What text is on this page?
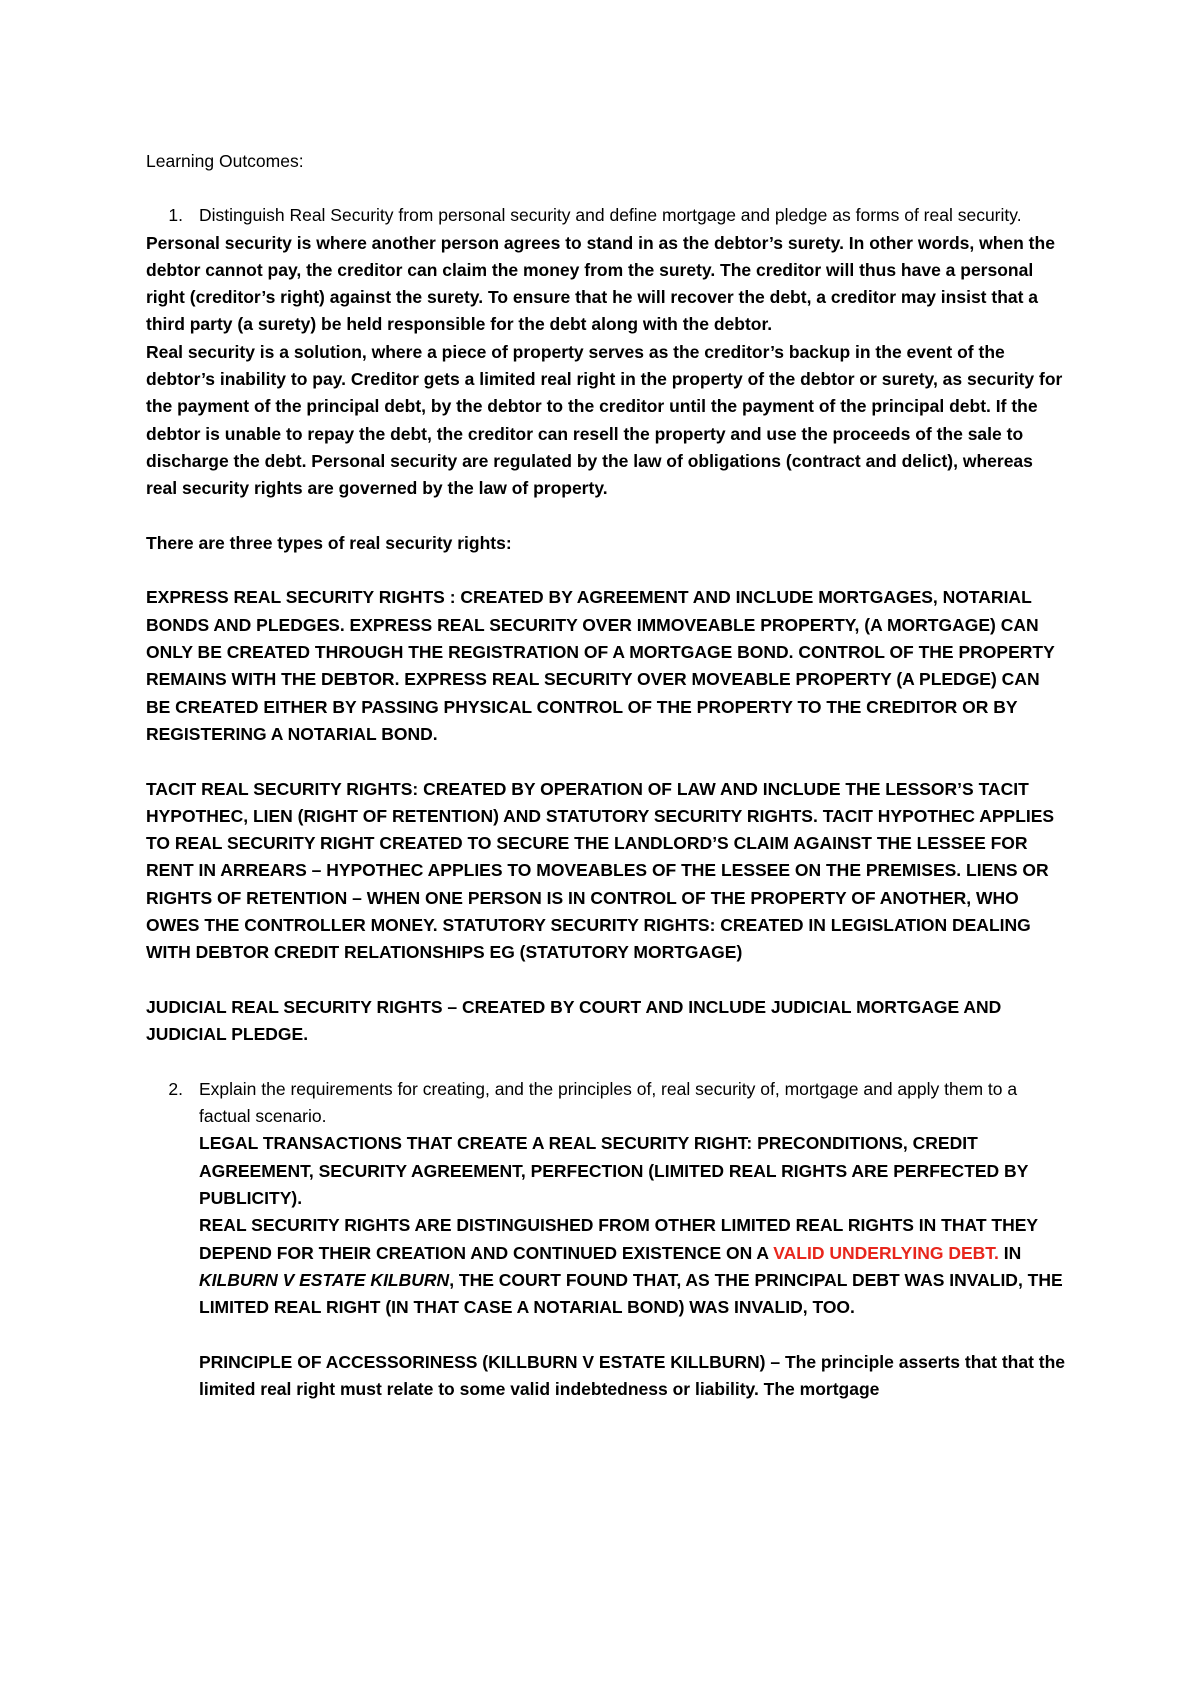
Learning Outcomes:

1. Distinguish Real Security from personal security and define mortgage and pledge as forms of real security.

Personal security is where another person agrees to stand in as the debtor’s surety. In other words, when the debtor cannot pay, the creditor can claim the money from the surety. The creditor will thus have a personal right (creditor’s right) against the surety. To ensure that he will recover the debt, a creditor may insist that a third party (a surety) be held responsible for the debt along with the debtor.

Real security is a solution, where a piece of property serves as the creditor’s backup in the event of the debtor’s inability to pay. Creditor gets a limited real right in the property of the debtor or surety, as security for the payment of the principal debt, by the debtor to the creditor until the payment of the principal debt. If the debtor is unable to repay the debt, the creditor can resell the property and use the proceeds of the sale to discharge the debt. Personal security are regulated by the law of obligations (contract and delict), whereas real security rights are governed by the law of property.

There are three types of real security rights:

EXPRESS REAL SECURITY RIGHTS : CREATED BY AGREEMENT AND INCLUDE MORTGAGES, NOTARIAL BONDS AND PLEDGES. EXPRESS REAL SECURITY OVER IMMOVEABLE PROPERTY, (A MORTGAGE) CAN ONLY BE CREATED THROUGH THE REGISTRATION OF A MORTGAGE BOND. CONTROL OF THE PROPERTY REMAINS WITH THE DEBTOR. EXPRESS REAL SECURITY OVER MOVEABLE PROPERTY (A PLEDGE) CAN BE CREATED EITHER BY PASSING PHYSICAL CONTROL OF THE PROPERTY TO THE CREDITOR OR BY REGISTERING A NOTARIAL BOND.

TACIT REAL SECURITY RIGHTS: CREATED BY OPERATION OF LAW AND INCLUDE THE LESSOR’S TACIT HYPOTHEC, LIEN (RIGHT OF RETENTION) AND STATUTORY SECURITY RIGHTS. TACIT HYPOTHEC APPLIES TO REAL SECURITY RIGHT CREATED TO SECURE THE LANDLORD’S CLAIM AGAINST THE LESSEE FOR RENT IN ARREARS – HYPOTHEC APPLIES TO MOVEABLES OF THE LESSEE ON THE PREMISES. LIENS OR RIGHTS OF RETENTION – WHEN ONE PERSON IS IN CONTROL OF THE PROPERTY OF ANOTHER, WHO OWES THE CONTROLLER MONEY. STATUTORY SECURITY RIGHTS: CREATED IN LEGISLATION DEALING WITH DEBTOR CREDIT RELATIONSHIPS EG (STATUTORY MORTGAGE)

JUDICIAL REAL SECURITY RIGHTS – CREATED BY COURT AND INCLUDE JUDICIAL MORTGAGE AND JUDICIAL PLEDGE.

2. Explain the requirements for creating, and the principles of, real security of, mortgage and apply them to a factual scenario.

LEGAL TRANSACTIONS THAT CREATE A REAL SECURITY RIGHT: PRECONDITIONS, CREDIT AGREEMENT, SECURITY AGREEMENT, PERFECTION (LIMITED REAL RIGHTS ARE PERFECTED BY PUBLICITY).

REAL SECURITY RIGHTS ARE DISTINGUISHED FROM OTHER LIMITED REAL RIGHTS IN THAT THEY DEPEND FOR THEIR CREATION AND CONTINUED EXISTENCE ON A VALID UNDERLYING DEBT. IN KILBURN V ESTATE KILBURN, THE COURT FOUND THAT, AS THE PRINCIPAL DEBT WAS INVALID, THE LIMITED REAL RIGHT (IN THAT CASE A NOTARIAL BOND) WAS INVALID, TOO.

PRINCIPLE OF ACCESSORINESS (KILLBURN V ESTATE KILLBURN) – The principle asserts that that the limited real right must relate to some valid indebtedness or liability. The mortgage
